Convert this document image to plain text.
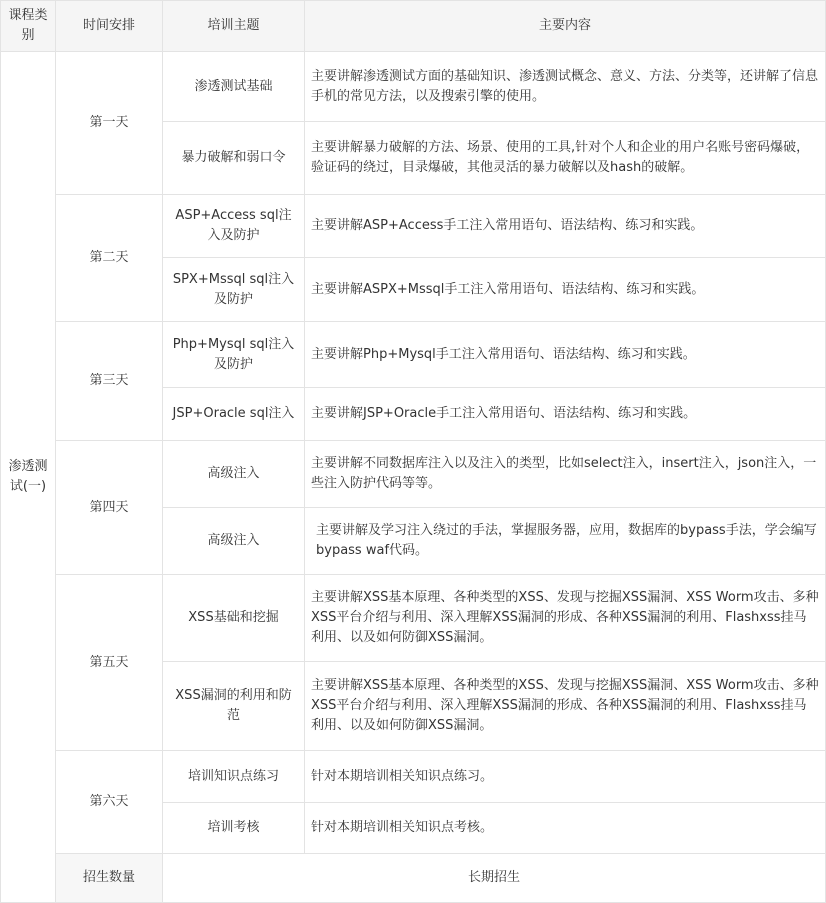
课程类别	时间安排	培训主题	主要内容
渗透测试(一)	第一天	渗透测试基础	主要讲解渗透测试方面的基础知识、渗透测试概念、意义、方法、分类等，还讲解了信息手机的常见方法，以及搜索引擎的使用。
		暴力破解和弱口令	主要讲解暴力破解的方法、场景、使用的工具,针对个人和企业的用户名账号密码爆破，验证码的绕过，目录爆破，其他灵活的暴力破解以及hash的破解。
	第二天	ASP+Access sql注入及防护	主要讲解ASP+Access手工注入常用语句、语法结构、练习和实践。
		SPX+Mssql sql注入及防护	主要讲解ASPX+Mssql手工注入常用语句、语法结构、练习和实践。
	第三天	Php+Mysql sql注入及防护	主要讲解Php+Mysql手工注入常用语句、语法结构、练习和实践。
		JSP+Oracle sql注入	主要讲解JSP+Oracle手工注入常用语句、语法结构、练习和实践。
	第四天	高级注入	主要讲解不同数据库注入以及注入的类型，比如select注入，insert注入，json注入，一些注入防护代码等等。
		高级注入	主要讲解及学习注入绕过的手法，掌握服务器，应用，数据库的bypass手法，学会编写bypass waf代码。
	第五天	XSS基础和挖掘	主要讲解XSS基本原理、各种类型的XSS、发现与挖掘XSS漏洞、XSS Worm攻击、多种XSS平台介绍与利用、深入理解XSS漏洞的形成、各种XSS漏洞的利用、Flashxss挂马利用、以及如何防御XSS漏洞。
		XSS漏洞的利用和防范	主要讲解XSS基本原理、各种类型的XSS、发现与挖掘XSS漏洞、XSS Worm攻击、多种XSS平台介绍与利用、深入理解XSS漏洞的形成、各种XSS漏洞的利用、Flashxss挂马利用、以及如何防御XSS漏洞。
	第六天	培训知识点练习	针对本期培训相关知识点练习。
		培训考核	针对本期培训相关知识点考核。
	招生数量	长期招生	
